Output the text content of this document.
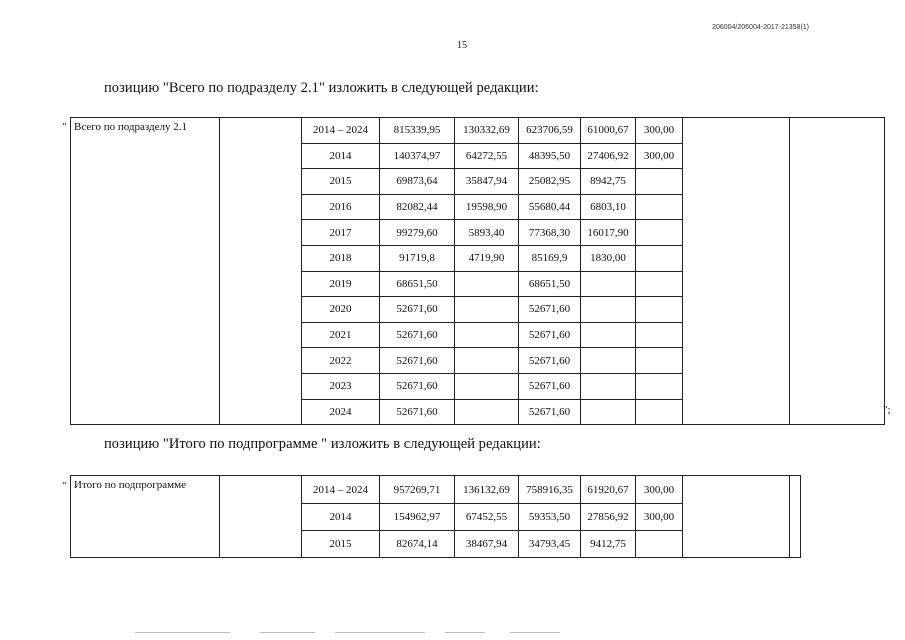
206004/206004-2017-21358(1)
15
позицию "Всего по подразделу 2.1" изложить в следующей редакции:
" Всего по подразделу 2.1		2014 – 2024	815339,95	130332,69	623706,59	61000,67	300,00		
		2014	140374,97	64272,55	48395,50	27406,92	300,00		
		2015	69873,64	35847,94	25082,95	8942,75			
		2016	82082,44	19598,90	55680,44	6803,10			
		2017	99279,60	5893,40	77368,30	16017,90			
		2018	91719,8	4719,90	85169,9	1830,00			
		2019	68651,50		68651,50				
		2020	52671,60		52671,60				
		2021	52671,60		52671,60				
		2022	52671,60		52671,60				
		2023	52671,60		52671,60				
		2024	52671,60		52671,60					";
позицию "Итого по подпрограмме " изложить в следующей редакции:
" Итого по подпрограмме		2014 – 2024	957269,71	136132,69	758916,35	61920,67	300,00		
		2014	154962,97	67452,55	59353,50	27856,92	300,00		
		2015	82674,14	38467,94	34793,45	9412,75			
